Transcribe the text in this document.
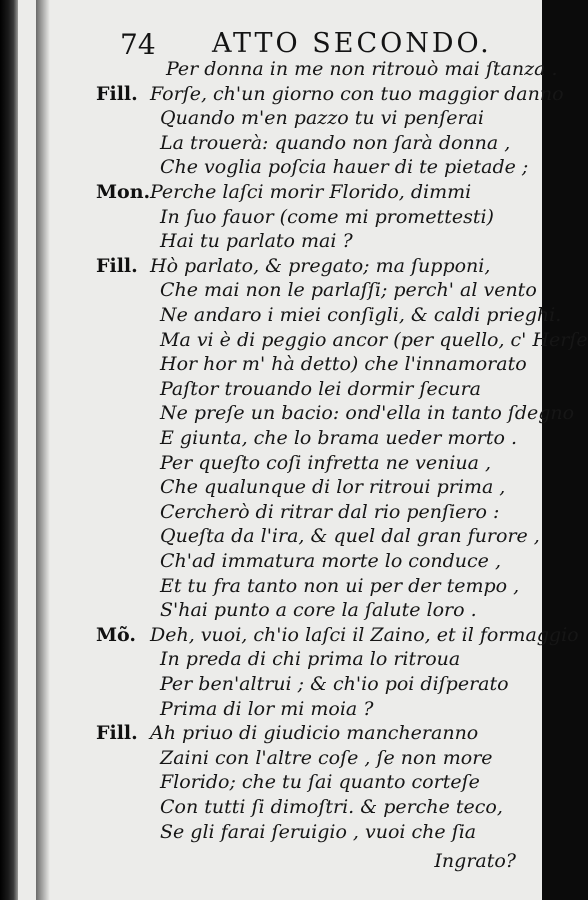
74 ATTO SECONDO.
Per donna in me non ritrouò mai ſtanza .
Fill. Forſe, ch'un giorno con tuo maggior danno
Quando m'en pazzo tu vi penſerai
La trouerà: quando non ſarà donna ,
Che voglia poſcia hauer di te pietade ;
Mon. Perche laſci morir Florido, dimmi
In ſuo fauor (come mi promettesti)
Hai tu parlato mai ?
Fill. Hò parlato, & pregato; ma ſupponi,
Che mai non le parlaſſi; perch' al vento
Ne andaro i miei conſigli, & caldi prieghi.
Ma vi è di peggio ancor (per quello, c' Herſe
Hor hor m' hà detto) che l'innamorato
Paſtor trouando lei dormir ſecura
Ne preſe un bacio: ond'ella in tanto ſdegno
E giunta, che lo brama ueder morto .
Per queſto coſi infretta ne veniua ,
Che qualunque di lor ritroui prima ,
Cercherò di ritrar dal rio penſiero :
Queſta da l'ira, & quel dal gran furore ,
Ch'ad immatura morte lo conduce ,
Et tu fra tanto non ui per der tempo ,
S'hai punto a core la ſalute loro .
Mõ. Deh, vuoi, ch'io laſci il Zaino, et il formaggio
In preda di chi prima lo ritroua
Per ben'altrui ; & ch'io poi diſperato
Prima di lor mi moia ?
Fill. Ah priuo di giudicio mancheranno
Zaini con l'altre coſe , ſe non more
Florido; che tu ſai quanto corteſe
Con tutti ſi dimoſtri. & perche teco,
Se gli farai ſeruigio , vuoi che ſia
Ingrato?
